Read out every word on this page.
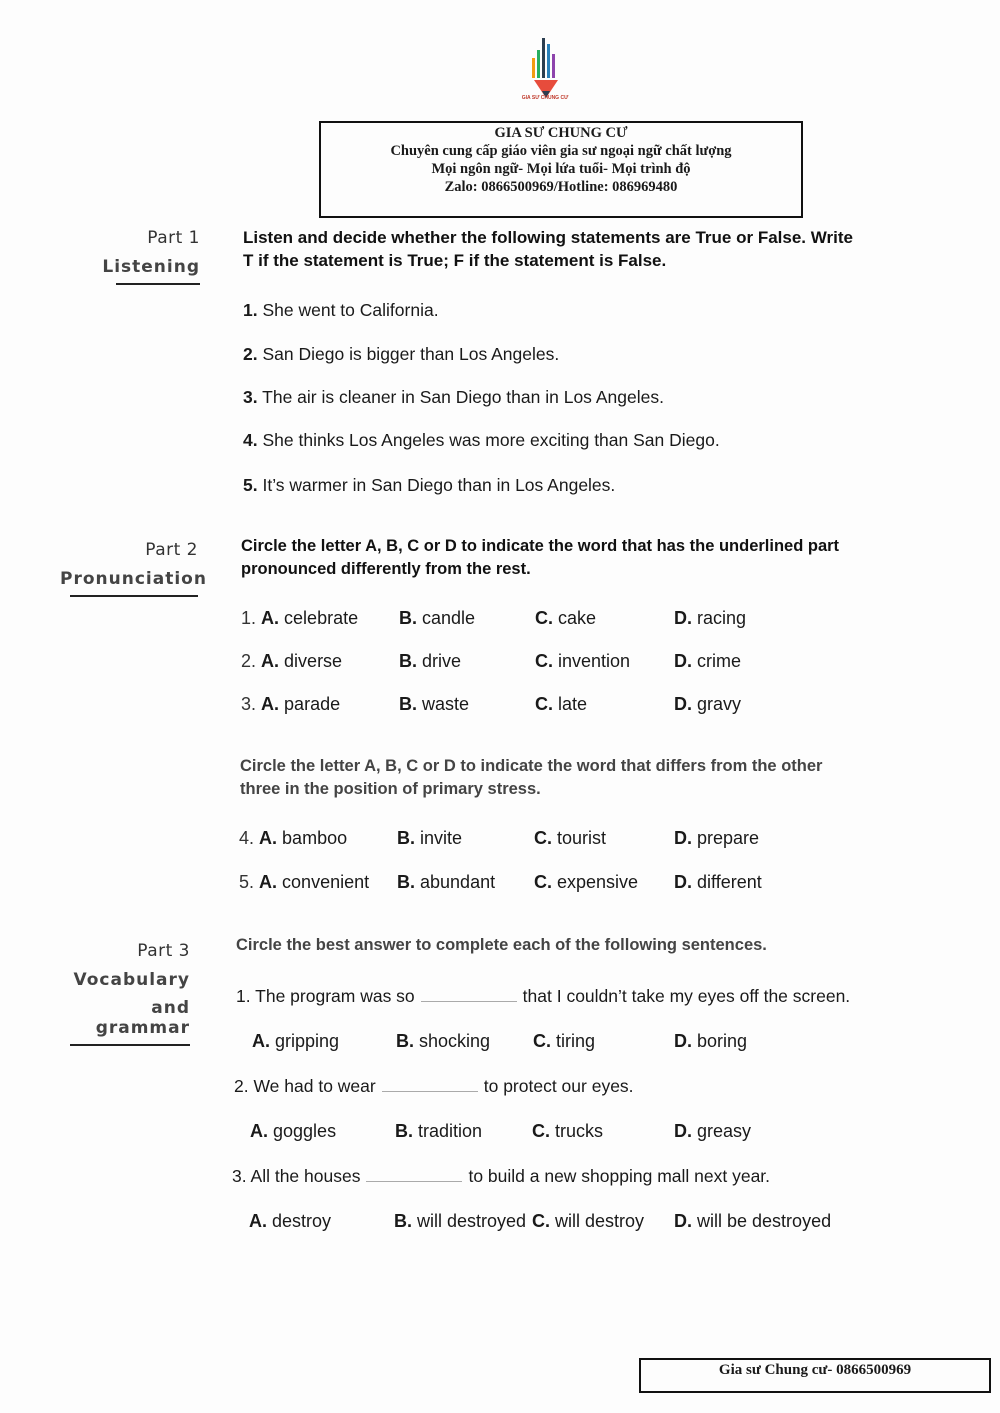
GIA SƯ CHUNG CƯ
GIA SƯ CHUNG CƯ
Chuyên cung cấp giáo viên gia sư ngoại ngữ chất lượng
Mọi ngôn ngữ- Mọi lứa tuổi- Mọi trình độ
Zalo: 0866500969/Hotline: 086969480
Part 1
Listening
Listen and decide whether the following statements are True or False. Write T if the statement is True; F if the statement is False.
1. She went to California.
2. San Diego is bigger than Los Angeles.
3. The air is cleaner in San Diego than in Los Angeles.
4. She thinks Los Angeles was more exciting than San Diego.
5. It’s warmer in San Diego than in Los Angeles.
Part 2
Pronunciation
Circle the letter A, B, C or D to indicate the word that has the underlined part pronounced differently from the rest.
1. A. celebrate B. candle	C. cake	D. racing
2. A. diverse	B. drive	C. invention D. crime
3. A. parade	B. waste	C. late	D. gravy
Circle the letter A, B, C or D to indicate the word that differs from the other three in the position of primary stress.
4. A. bamboo	B. invite	C. tourist	D. prepare
5. A. convenient B. abundant C. expensive D. different
Part 3
Vocabulary
and grammar
Circle the best answer to complete each of the following sentences.
1. The program was so	that I couldn’t take my eyes off the screen.
A. gripping	B. shocking C. tiring	D. boring
2. We had to wear	to protect our eyes.
A. goggles	B. tradition	C. trucks	D. greasy
3. All the houses	to build a new shopping mall next year.
A. destroy	B. will destroyed C. will destroy D. will be destroyed
Gia sư Chung cư- 0866500969
